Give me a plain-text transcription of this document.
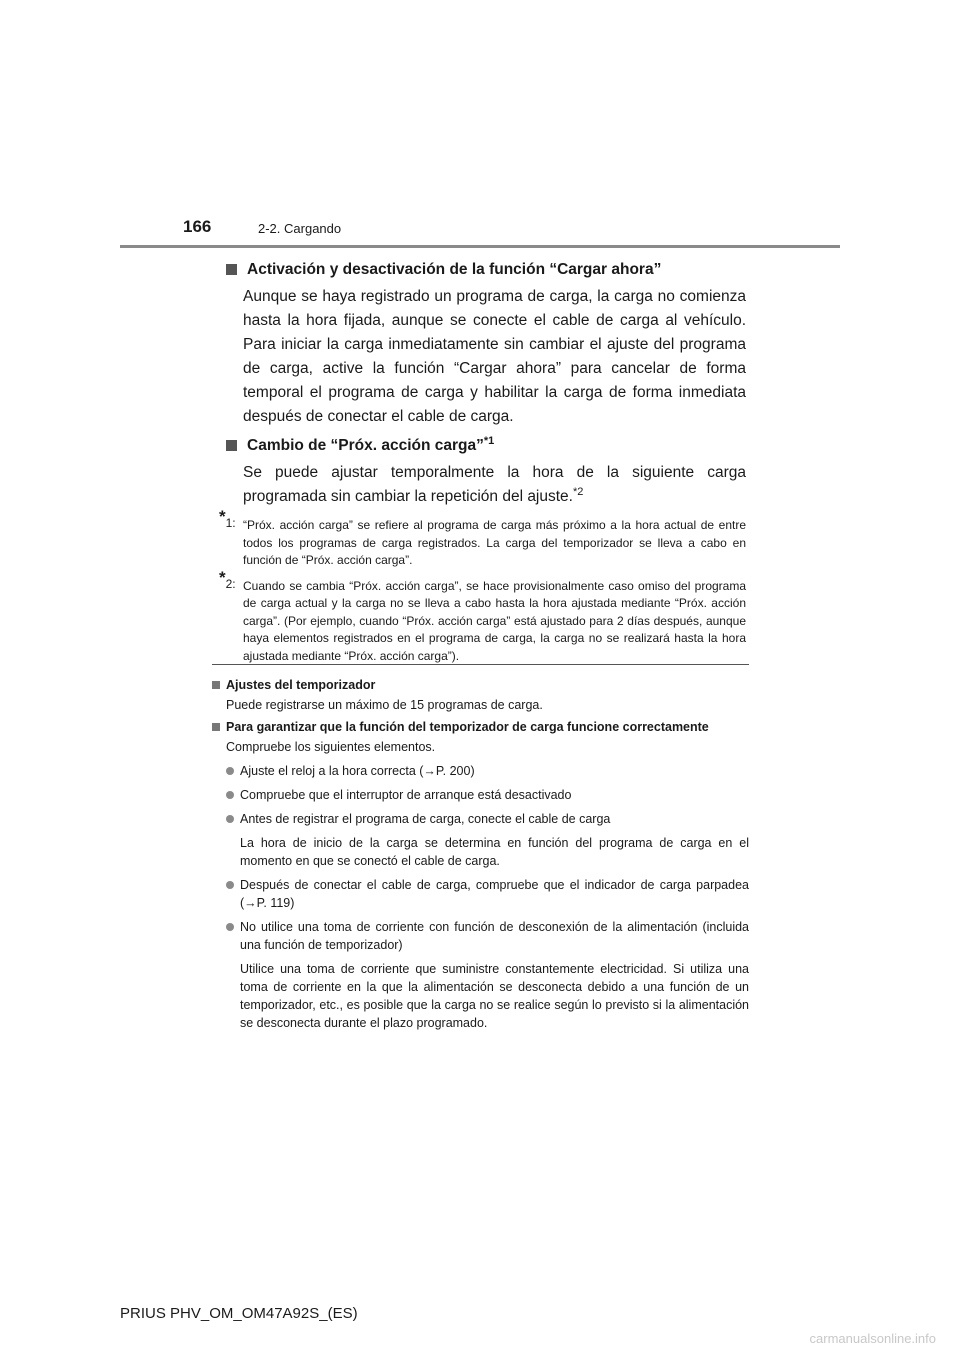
166	2-2. Cargando
Activación y desactivación de la función “Cargar ahora”
Aunque se haya registrado un programa de carga, la carga no comienza hasta la hora fijada, aunque se conecte el cable de carga al vehículo. Para iniciar la carga inmediatamente sin cambiar el ajuste del programa de carga, active la función “Cargar ahora” para cancelar de forma temporal el programa de carga y habilitar la carga de forma inmediata después de conectar el cable de carga.
Cambio de “Próx. acción carga”$^{*1}$
Se puede ajustar temporalmente la hora de la siguiente carga programada sin cambiar la repetición del ajuste.$^{*2}$
*1: “Próx. acción carga” se refiere al programa de carga más próximo a la hora actual de entre todos los programas de carga registrados. La carga del temporizador se lleva a cabo en función de “Próx. acción carga”.
*2: Cuando se cambia “Próx. acción carga”, se hace provisionalmente caso omiso del programa de carga actual y la carga no se lleva a cabo hasta la hora ajustada mediante “Próx. acción carga”. (Por ejemplo, cuando “Próx. acción carga” está ajustado para 2 días después, aunque haya elementos registrados en el programa de carga, la carga no se realizará hasta la hora ajustada mediante “Próx. acción carga”).
Ajustes del temporizador
Puede registrarse un máximo de 15 programas de carga.
Para garantizar que la función del temporizador de carga funcione correctamente
Compruebe los siguientes elementos.
Ajuste el reloj a la hora correcta (→P. 200)
Compruebe que el interruptor de arranque está desactivado
Antes de registrar el programa de carga, conecte el cable de carga
La hora de inicio de la carga se determina en función del programa de carga en el momento en que se conectó el cable de carga.
Después de conectar el cable de carga, compruebe que el indicador de carga parpadea (→P. 119)
No utilice una toma de corriente con función de desconexión de la alimentación (incluida una función de temporizador)
Utilice una toma de corriente que suministre constantemente electricidad. Si utiliza una toma de corriente en la que la alimentación se desconecta debido a una función de un temporizador, etc., es posible que la carga no se realice según lo previsto si la alimentación se desconecta durante el plazo programado.
PRIUS PHV_OM_OM47A92S_(ES)
carmanualsonline.info
